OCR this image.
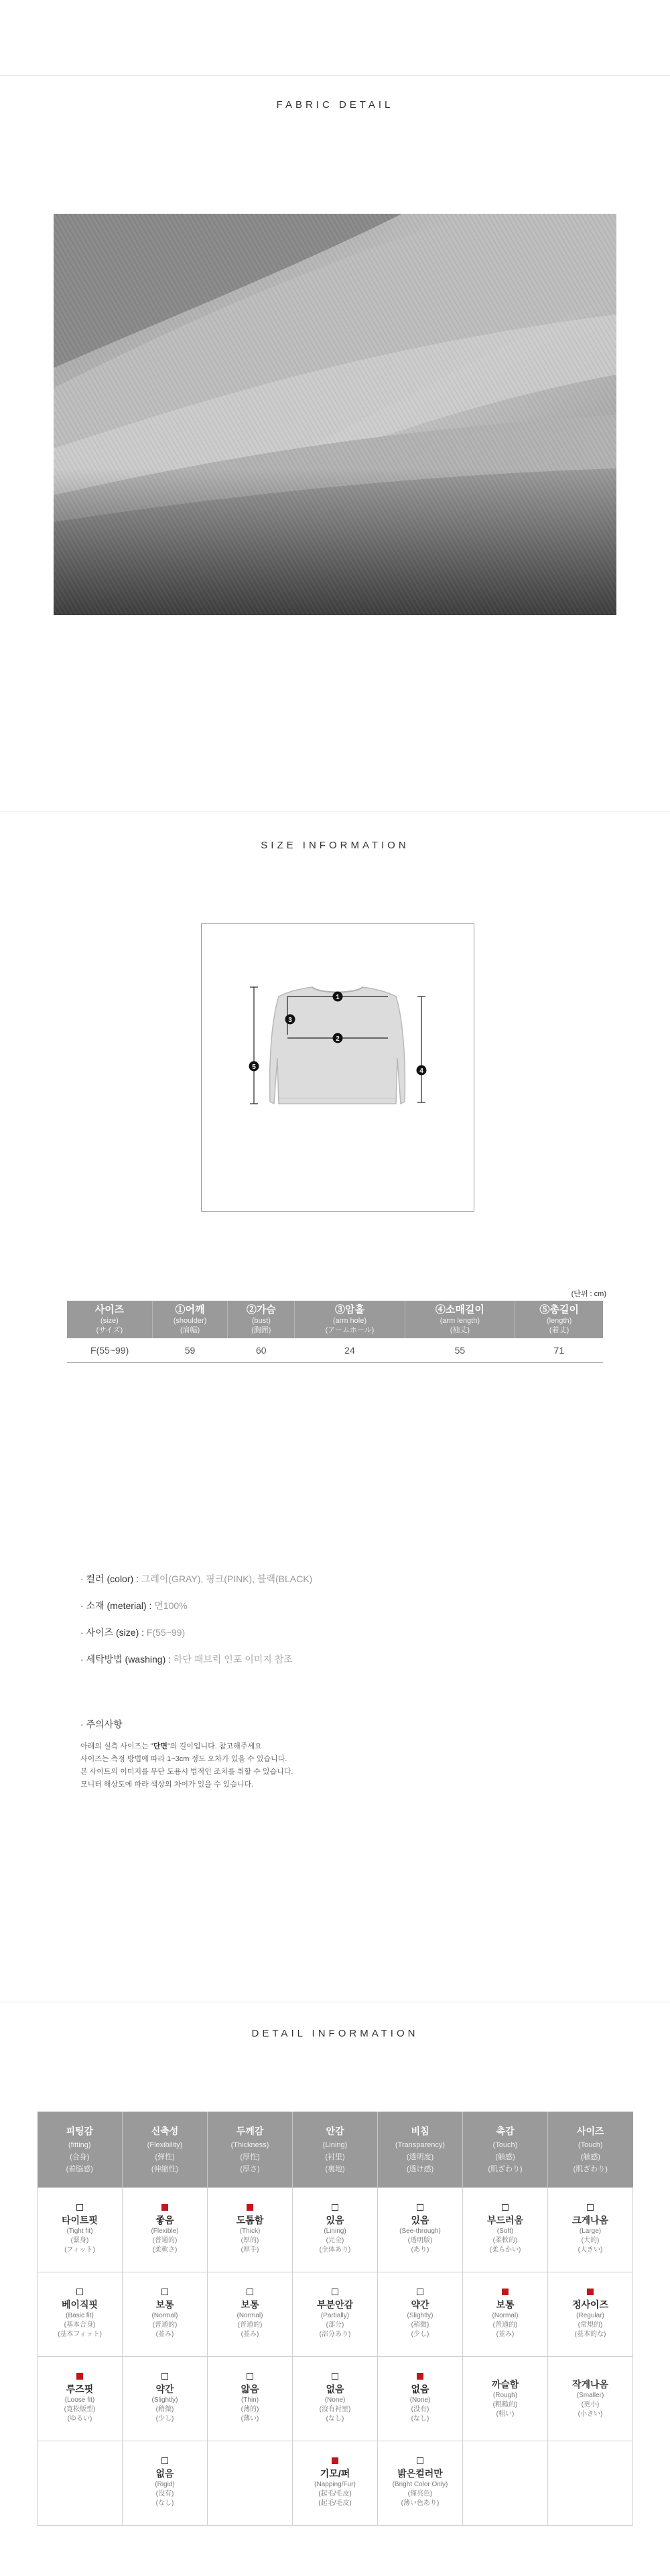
FABRIC DETAIL
SIZE INFORMATION
1
2
3
4
5
(단위 : cm)
사이즈
(size)
(サイズ)	①어깨
(shoulder)
(肩幅)	②가슴
(bust)
(胸囲)	③암홀
(arm hole)
(アームホール)	④소매길이
(arm length)
(袖丈)	⑤총길이
(length)
(着丈)

F(55~99)	59	60	24	55	71
· 컬러 (color) : 그레이(GRAY), 핑크(PINK), 블랙(BLACK)
· 소재 (meterial) : 면100%
· 사이즈 (size) : F(55~99)
· 세탁방법 (washing) : 하단 패브릭 인포 이미지 참조
· 주의사항
아래의 실측 사이즈는 "단면"의 길이입니다. 참고해주세요
사이즈는 측정 방법에 따라 1~3cm 정도 오차가 있을 수 있습니다.
본 사이트의 이미지를 무단 도용시 법적인 조치를 취할 수 있습니다.
모니터 해상도에 따라 색상의 차이가 있을 수 있습니다.
DETAIL INFORMATION
피팅감
(fitting)
(合身)
(着脳感)	신축성
(Flexibility)
(弹性)
(伸縮性)	두께감
(Thickness)
(厚性)
(厚さ)	안감
(Lining)
(衬里)
(裏地)	비침
(Transparency)
(透明度)
(透け感)	촉감
(Touch)
(触感)
(肌ざわり)	사이즈
(Touch)
(触感)
(肌ざわり)

타이트핏
(Tight fit)
(緊身)
(フィット)	좋음
(Flexible)
(普通的)
(柔軟さ)	도톰함
(Thick)
(厚的)
(厚手)	있음
(Lining)
(完全)
(全体あり)	있음
(See-through)
(透明版)
(あり)	부드러움
(Soft)
(柔軟的)
(柔らかい)	크게나옴
(Large)
(大的)
(大きい)

베이직핏
(Basic fit)
(基本合身)
(基本フィット)	보통
(Normal)
(普通的)
(並み)	보통
(Normal)
(普通的)
(並み)	부분안감
(Partially)
(部分)
(部分あり)	약간
(Slightly)
(稍微)
(少し)	보통
(Normal)
(普通的)
(並み)	정사이즈
(Regular)
(常規的)
(基本的な)

루즈핏
(Loose fit)
(寛松版型)
(ゆるい)	약간
(Slightly)
(稍微)
(少し)	얇음
(Thin)
(薄的)
(薄い)	없음
(None)
(沒有衬里)
(なし)	없음
(None)
(没有)
(なし)	까슬함
(Rough)
(粗糙的)
(粗い)	작게나옴
(Smaller)
(更小)
(小さい)

	없음
(Rigid)
(没有)
(なし)		기모/퍼
(Napping/Fur)
(起毛/毛皮)
(起毛/毛皮)	밝은컬러만
(Bright Color Only)
(僅亮色)
(薄い色あり)		
